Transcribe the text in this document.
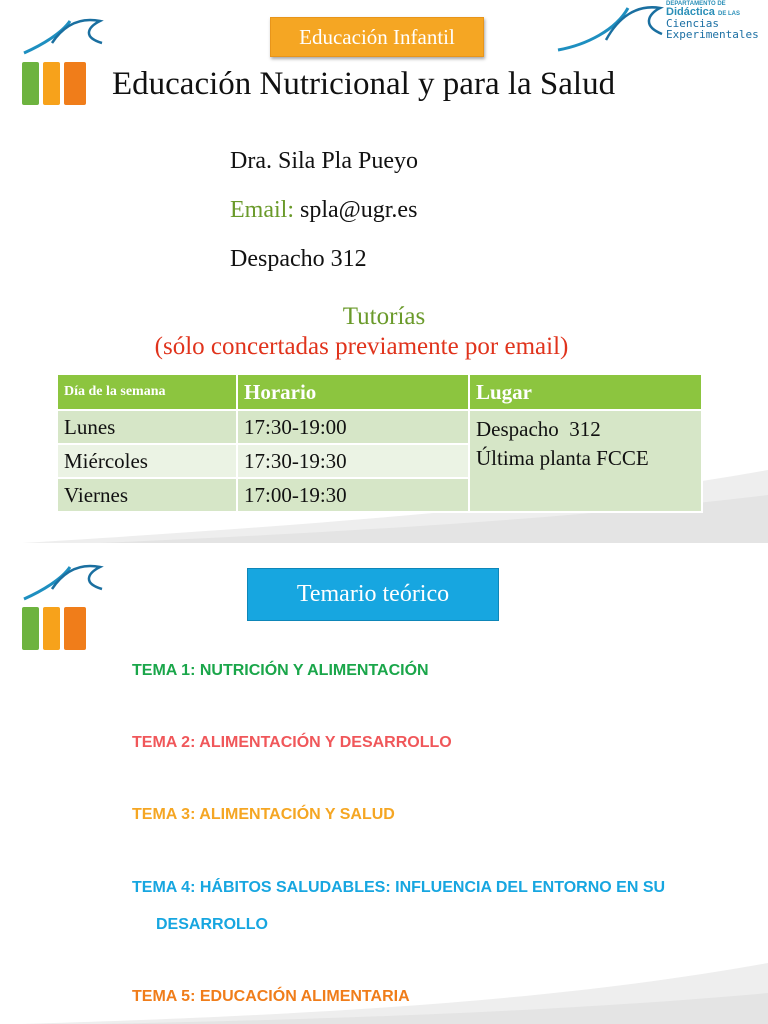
Educación Infantil
DEPARTAMENTO DE
Didáctica DE LAS
Ciencias
Experimentales
Educación Nutricional y para la Salud
Dra. Sila Pla Pueyo
Email: spla@ugr.es
Despacho 312
Tutorías
(sólo concertadas previamente por email)
Día de la semana	Horario	Lugar
Lunes	17:30-19:00	Despacho  312
Última planta FCCE

Miércoles	17:30-19:30	
Viernes	17:00-19:30	
Temario teórico
TEMA 1: NUTRICIÓN Y ALIMENTACIÓN
TEMA 2: ALIMENTACIÓN Y DESARROLLO
TEMA 3: ALIMENTACIÓN Y SALUD
TEMA 4: HÁBITOS SALUDABLES: INFLUENCIA DEL ENTORNO EN SU
DESARROLLO
TEMA 5: EDUCACIÓN ALIMENTARIA
